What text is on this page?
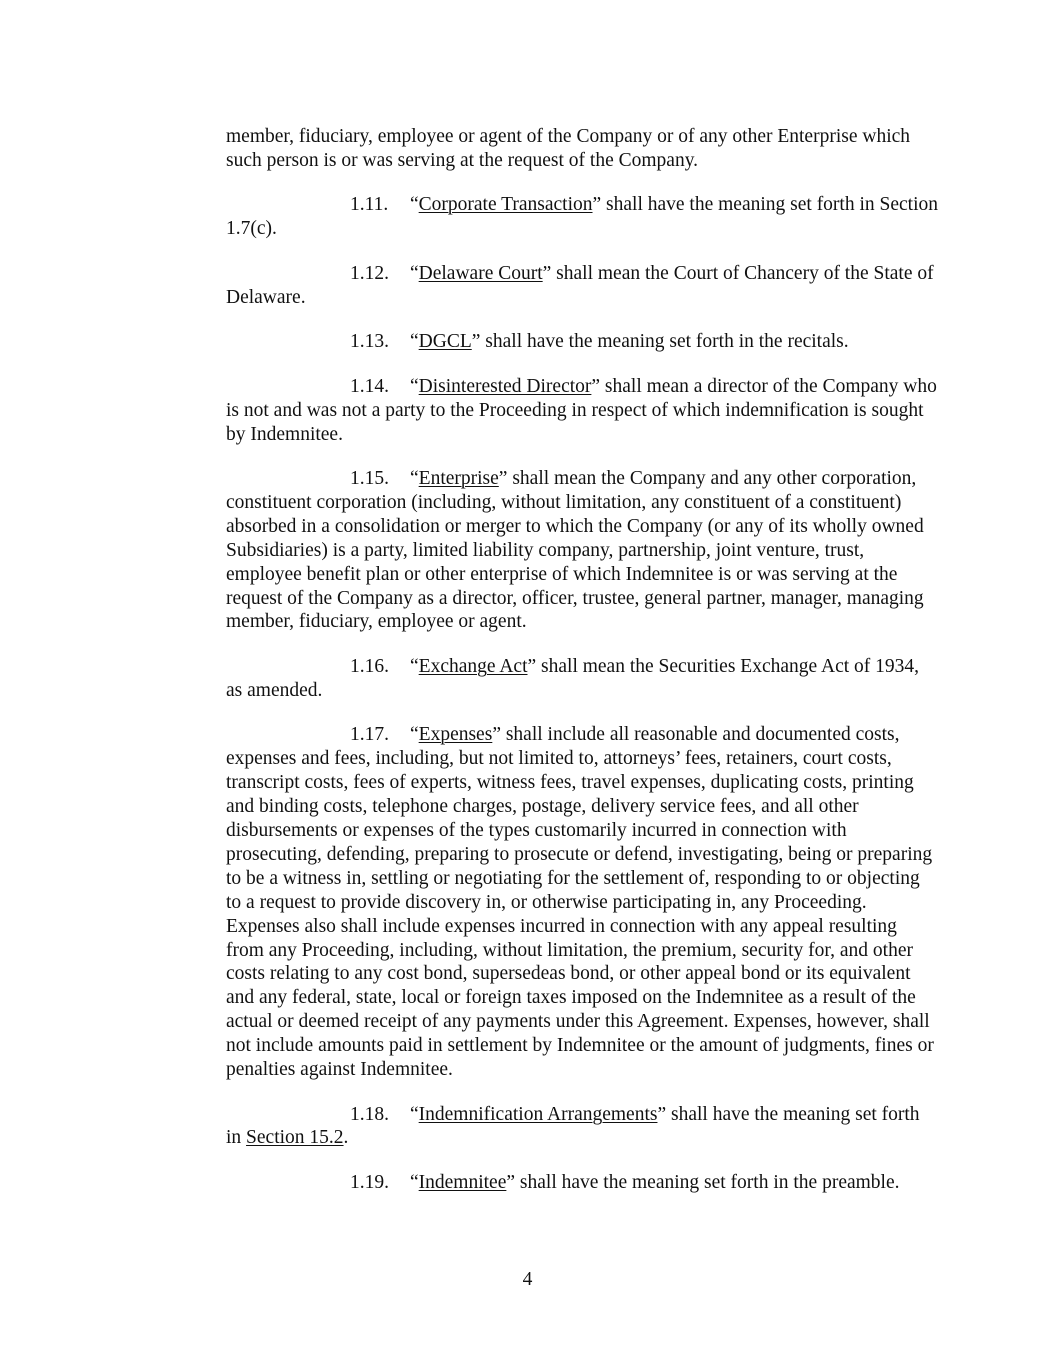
member, fiduciary, employee or agent of the Company or of any other Enterprise which such person is or was serving at the request of the Company.

1.11. “Corporate Transaction” shall have the meaning set forth in Section 1.7(c).

1.12. “Delaware Court” shall mean the Court of Chancery of the State of Delaware.

1.13. “DGCL” shall have the meaning set forth in the recitals.

1.14. “Disinterested Director” shall mean a director of the Company who is not and was not a party to the Proceeding in respect of which indemnification is sought by Indemnitee.

1.15. “Enterprise” shall mean the Company and any other corporation, constituent corporation (including, without limitation, any constituent of a constituent) absorbed in a consolidation or merger to which the Company (or any of its wholly owned Subsidiaries) is a party, limited liability company, partnership, joint venture, trust, employee benefit plan or other enterprise of which Indemnitee is or was serving at the request of the Company as a director, officer, trustee, general partner, manager, managing member, fiduciary, employee or agent.

1.16. “Exchange Act” shall mean the Securities Exchange Act of 1934, as amended.

1.17. “Expenses” shall include all reasonable and documented costs, expenses and fees, including, but not limited to, attorneys’ fees, retainers, court costs, transcript costs, fees of experts, witness fees, travel expenses, duplicating costs, printing and binding costs, telephone charges, postage, delivery service fees, and all other disbursements or expenses of the types customarily incurred in connection with prosecuting, defending, preparing to prosecute or defend, investigating, being or preparing to be a witness in, settling or negotiating for the settlement of, responding to or objecting to a request to provide discovery in, or otherwise participating in, any Proceeding. Expenses also shall include expenses incurred in connection with any appeal resulting from any Proceeding, including, without limitation, the premium, security for, and other costs relating to any cost bond, supersedeas bond, or other appeal bond or its equivalent and any federal, state, local or foreign taxes imposed on the Indemnitee as a result of the actual or deemed receipt of any payments under this Agreement. Expenses, however, shall not include amounts paid in settlement by Indemnitee or the amount of judgments, fines or penalties against Indemnitee.

1.18. “Indemnification Arrangements” shall have the meaning set forth in Section 15.2.

1.19. “Indemnitee” shall have the meaning set forth in the preamble.

4
